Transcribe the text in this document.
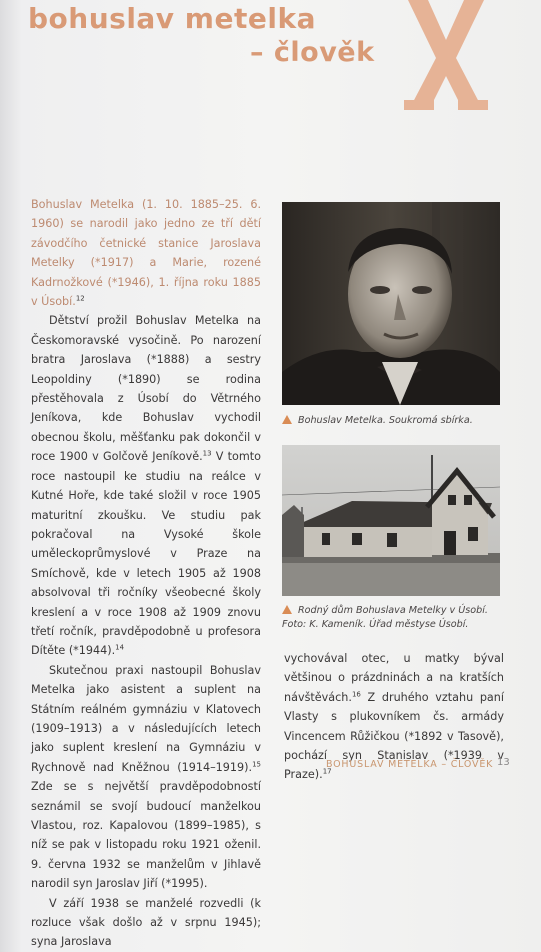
bohuslav metelka
– člověk

Bohuslav Metelka (1. 10. 1885–25. 6. 1960) se narodil jako jedno ze tří dětí závodčího četnické stanice Jaroslava Metelky (*1917) a Marie, rozené Kadrnožkové (*1946), 1. října roku 1885 v Úsobí.$^{12}$

Dětství prožil Bohuslav Metelka na Českomoravské vysočině. Po narození bratra Jaroslava (*1888) a sestry Leopoldiny (*1890) se rodina přestěhovala z Úsobí do Větrného Jeníkova, kde Bohuslav vychodil obecnou školu, měšťanku pak dokončil v roce 1900 v Golčově Jeníkově.$^{13}$ V tomto roce nastoupil ke studiu na reálce v Kutné Hoře, kde také složil v roce 1905 maturitní zkoušku. Ve studiu pak pokračoval na Vysoké škole uměleckoprůmyslové v Praze na Smíchově, kde v letech 1905 až 1908 absolvoval tři ročníky všeobecné školy kreslení a v roce 1908 až 1909 znovu třetí ročník, pravděpodobně u profesora Dítěte (*1944).$^{14}$

Skutečnou praxi nastoupil Bohuslav Metelka jako asistent a suplent na Státním reálném gymnáziu v Klatovech (1909–1913) a v následujících letech jako suplent kreslení na Gymnáziu v Rychnově nad Kněžnou (1914–1919).$^{15}$ Zde se s největší pravděpodobností seznámil se svojí budoucí manželkou Vlastou, roz. Kapalovou (1899–1985), s níž se pak v listopadu roku 1921 oženil. 9. června 1932 se manželům v Jihlavě narodil syn Jaroslav Jiří (*1995).

V září 1938 se manželé rozvedli (k rozluce však došlo až v srpnu 1945); syna Jaroslava

Bohuslav Metelka. Soukromá sbírka.
Rodný dům Bohuslava Metelky v Úsobí. Foto: K. Kameník. Úřad městyse Úsobí.

vychovával otec, u matky býval většinou o prázdninách a na kratších návštěvách.$^{16}$ Z druhého vztahu paní Vlasty s plukovníkem čs. armády Vincencem Růžičkou (*1892 v Tasově), pochází syn Stanislav (*1939 v Praze).$^{17}$

BOHUSLAV METELKA – ČLOVĚK 13
